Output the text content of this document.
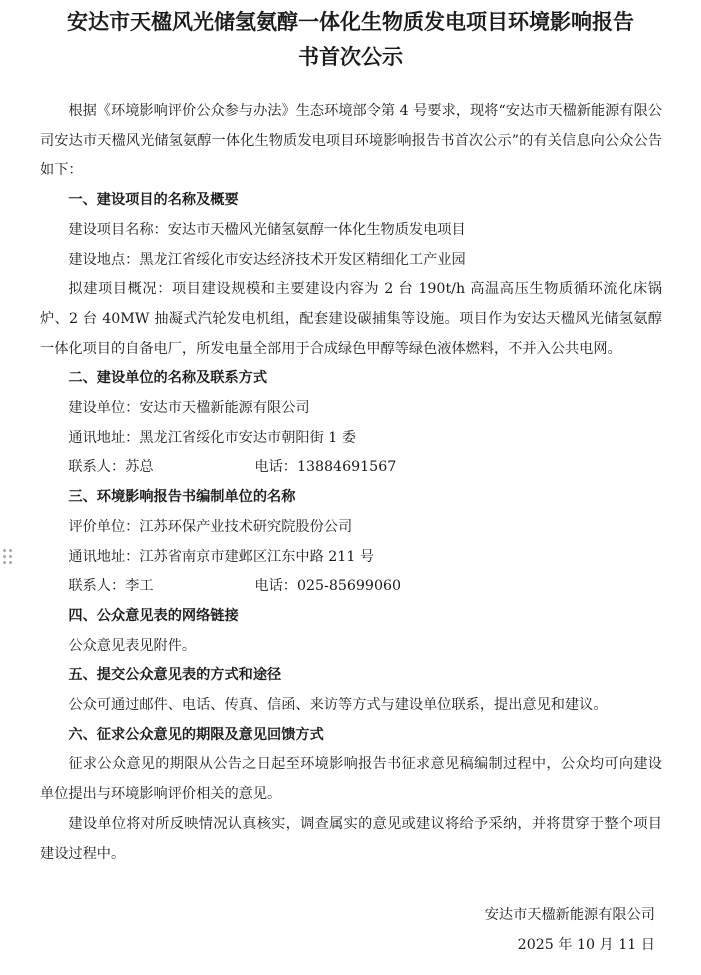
安达市天楹风光储氢氨醇一体化生物质发电项目环境影响报告
书首次公示

根据《环境影响评价公众参与办法》生态环境部令第 4 号要求，现将“安达市天楹新能源有限公司安达市天楹风光储氢氨醇一体化生物质发电项目环境影响报告书首次公示”的有关信息向公众公告如下：

一、建设项目的名称及概要

建设项目名称：安达市天楹风光储氢氨醇一体化生物质发电项目

建设地点：黑龙江省绥化市安达经济技术开发区精细化工产业园

拟建项目概况：项目建设规模和主要建设内容为 2 台 190t/h 高温高压生物质循环流化床锅炉、2 台 40MW 抽凝式汽轮发电机组，配套建设碳捕集等设施。项目作为安达天楹风光储氢氨醇一体化项目的自备电厂，所发电量全部用于合成绿色甲醇等绿色液体燃料，不并入公共电网。

二、建设单位的名称及联系方式

建设单位：安达市天楹新能源有限公司

通讯地址：黑龙江省绥化市安达市朝阳街 1 委

联系人：苏总	电话：13884691567

三、环境影响报告书编制单位的名称

评价单位：江苏环保产业技术研究院股份公司

通讯地址：江苏省南京市建邺区江东中路 211 号

联系人：李工	电话：025-85699060

四、公众意见表的网络链接

公众意见表见附件。

五、提交公众意见表的方式和途径

公众可通过邮件、电话、传真、信函、来访等方式与建设单位联系，提出意见和建议。

六、征求公众意见的期限及意见回馈方式

征求公众意见的期限从公告之日起至环境影响报告书征求意见稿编制过程中，公众均可向建设单位提出与环境影响评价相关的意见。

建设单位将对所反映情况认真核实，调查属实的意见或建议将给予采纳，并将贯穿于整个项目建设过程中。

安达市天楹新能源有限公司
2025 年 10 月 11 日
